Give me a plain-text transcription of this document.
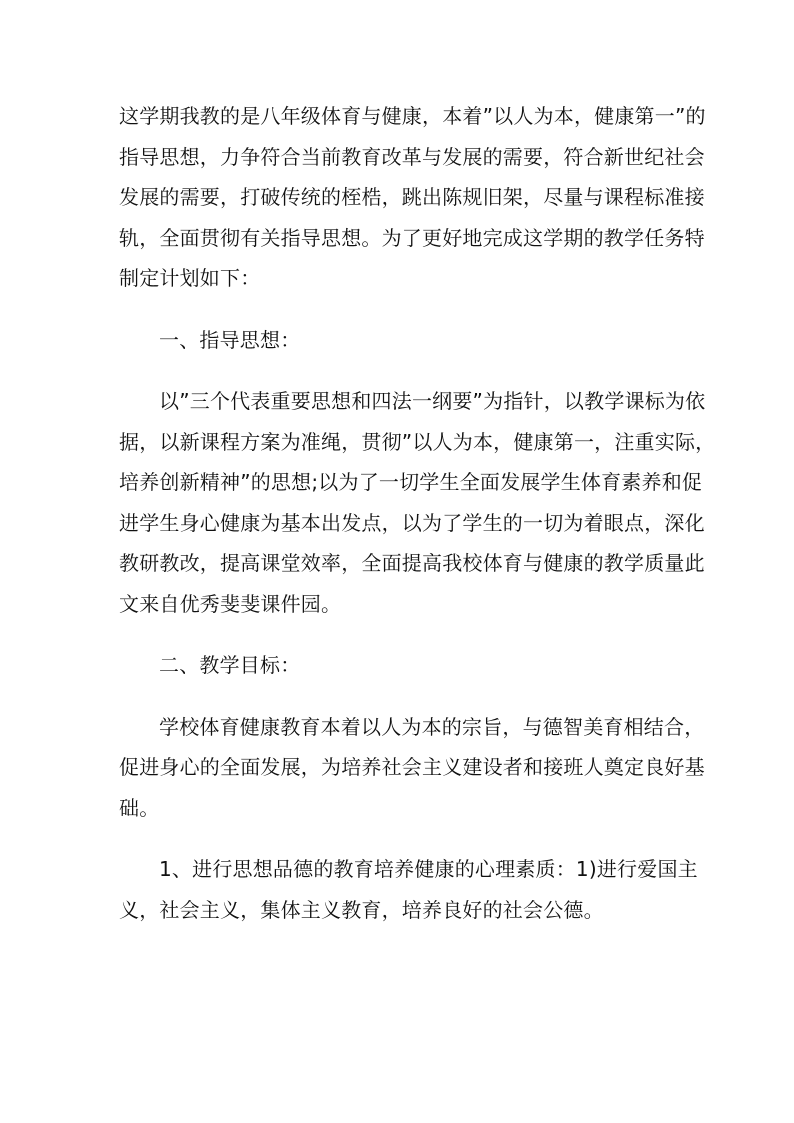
这学期我教的是八年级体育与健康，本着”以人为本，健康第一”的
指导思想，力争符合当前教育改革与发展的需要，符合新世纪社会
发展的需要，打破传统的桎梏，跳出陈规旧架，尽量与课程标准接
轨，全面贯彻有关指导思想。为了更好地完成这学期的教学任务特
制定计划如下：

一、指导思想：

以”三个代表重要思想和四法一纲要”为指针，以教学课标为依
据，以新课程方案为准绳，贯彻”以人为本，健康第一，注重实际，
培养创新精神”的思想;以为了一切学生全面发展学生体育素养和促
进学生身心健康为基本出发点，以为了学生的一切为着眼点，深化
教研教改，提高课堂效率，全面提高我校体育与健康的教学质量此
文来自优秀斐斐课件园。

二、教学目标：

学校体育健康教育本着以人为本的宗旨，与德智美育相结合，
促进身心的全面发展，为培养社会主义建设者和接班人奠定良好基
础。

1、进行思想品德的教育培养健康的心理素质：1)进行爱国主
义，社会主义，集体主义教育，培养良好的社会公德。
